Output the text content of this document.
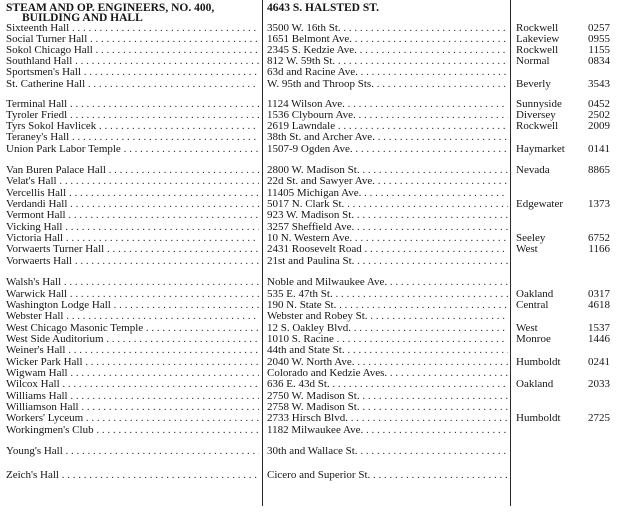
STEAM AND OP. ENGINEERS, NO. 400,
BUILDING AND HALL
4643 S. HALSTED ST.
Sixteenth Hall . . .	3500 W. 16th St. . . .	Rockwell	0257
Social Turner Hall . . .	1651 Belmont Ave. . . .	Lakeview	0955
Sokol Chicago Hall . . .	2345 S. Kedzie Ave. . . .	Rockwell	1155
Southland Hall . . .	812 W. 59th St. . . .	Normal	0834
Sportsmen's Hall . . .	63d and Racine Ave. . . .
St. Catherine Hall . . .	W. 95th and Throop Sts. . . .	Beverly	3543
Terminal Hall . . .	1124 Wilson Ave. . . .	Sunnyside	0452
Tyroler Friedl . . .	1536 Clybourn Ave. . . .	Diversey	2502
Tyrs Sokol Havlicek . . .	2619 Lawndale . . .	Rockwell	2009
Teraney's Hall . . .	38th St. and Archer Ave. . . .
Union Park Labor Temple . . .	1507-9 Ogden Ave. . . .	Haymarket	0141
Van Buren Palace Hall . . .	2800 W. Madison St. . . .	Nevada	8865
Velat's Hall . . .	22d St. and Sawyer Ave. . . .
Vercellis Hall . . .	11405 Michigan Ave. . . .
Verdandi Hall . . .	5017 N. Clark St. . . .	Edgewater	1373
Vermont Hall . . .	923 W. Madison St. . . .
Vicking Hall . . .	3257 Sheffield Ave. . . .
Victoria Hall . . .	10 N. Western Ave. . . .	Seeley	6752
Vorwaerts Turner Hall . . .	2431 Roosevelt Road . . .	West	1166
Vorwaerts Hall . . .	21st and Paulina St. . . .
Walsh's Hall . . .	Noble and Milwaukee Ave. . . .
Warwick Hall . . .	535 E. 47th St. . . .	Oakland	0317
Washington Lodge Hall . . .	190 N. State St. . . .	Central	4618
Webster Hall . . .	Webster and Robey St. . . .
West Chicago Masonic Temple . . .	12 S. Oakley Blvd. . . .	West	1537
West Side Auditorium . . .	1010 S. Racine . . .	Monroe	1446
Weiner's Hall . . .	44th and State St. . . .
Wicker Park Hall . . .	2040 W. North Ave. . . .	Humboldt	0241
Wigwam Hall . . .	Colorado and Kedzie Aves. . . .
Wilcox Hall . . .	636 E. 43d St. . . .	Oakland	2033
Williams Hall . . .	2750 W. Madison St. . . .
Williamson Hall . . .	2758 W. Madison St. . . .
Workers' Lyceum . . .	2733 Hirsch Blvd. . . .	Humboldt	2725
Workingmen's Club . . .	1182 Milwaukee Ave. . . .
Young's Hall . . .	30th and Wallace St. . . .
Zeich's Hall . . .	Cicero and Superior St. . . .
